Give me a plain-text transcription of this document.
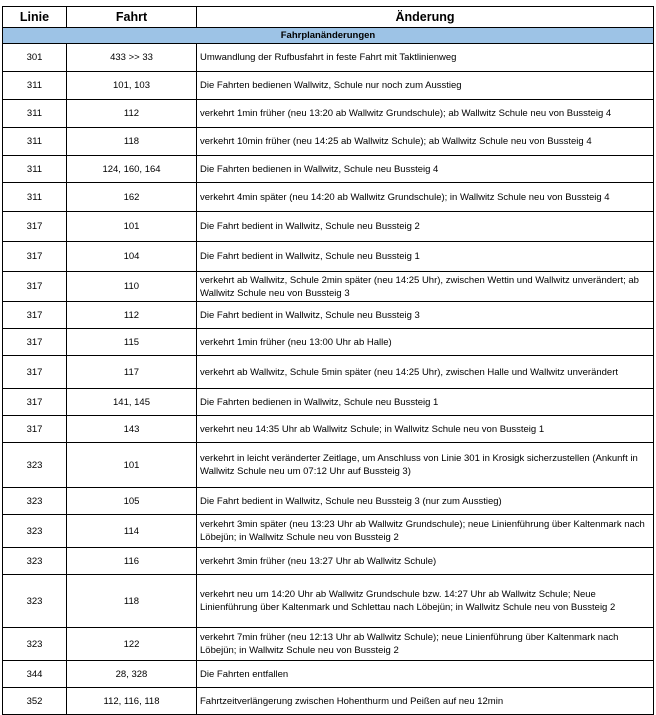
Linie	Fahrt	Änderung
Fahrplanänderungen		
301	433 >> 33	Umwandlung der Rufbusfahrt in feste Fahrt mit Taktlinienweg
311	101, 103	Die Fahrten bedienen Wallwitz, Schule nur noch zum Ausstieg
311	112	verkehrt 1min früher (neu 13:20 ab Wallwitz Grundschule); ab Wallwitz Schule neu von Bussteig 4
311	118	verkehrt 10min früher (neu 14:25 ab Wallwitz Schule); ab Wallwitz Schule neu von Bussteig 4
311	124, 160, 164	Die Fahrten bedienen in Wallwitz, Schule neu Bussteig 4
311	162	verkehrt 4min später (neu 14:20 ab Wallwitz Grundschule); in Wallwitz Schule neu von Bussteig 4
317	101	Die Fahrt bedient in Wallwitz, Schule neu Bussteig 2
317	104	Die Fahrt bedient in Wallwitz, Schule neu Bussteig 1
317	110	verkehrt ab Wallwitz, Schule 2min später (neu 14:25 Uhr), zwischen Wettin und Wallwitz unverändert; ab Wallwitz Schule neu von Bussteig 3
317	112	Die Fahrt bedient in Wallwitz, Schule neu Bussteig 3
317	115	verkehrt 1min früher (neu 13:00 Uhr ab Halle)
317	117	verkehrt ab Wallwitz, Schule 5min später (neu 14:25 Uhr), zwischen Halle und Wallwitz unverändert
317	141, 145	Die Fahrten bedienen in Wallwitz, Schule neu Bussteig 1
317	143	verkehrt neu 14:35 Uhr ab Wallwitz Schule; in Wallwitz Schule neu von Bussteig 1
323	101	verkehrt in leicht veränderter Zeitlage, um Anschluss von Linie 301 in Krosigk sicherzustellen (Ankunft in Wallwitz Schule neu um 07:12 Uhr auf Bussteig 3)
323	105	Die Fahrt bedient in Wallwitz, Schule neu Bussteig 3 (nur zum Ausstieg)
323	114	verkehrt 3min später (neu 13:23 Uhr ab Wallwitz Grundschule); neue Linienführung über Kaltenmark nach Löbejün; in Wallwitz Schule neu von Bussteig 2
323	116	verkehrt 3min früher (neu 13:27 Uhr ab Wallwitz Schule)
323	118	verkehrt neu um 14:20 Uhr ab Wallwitz Grundschule bzw. 14:27 Uhr ab Wallwitz Schule; Neue Linienführung über Kaltenmark und Schlettau nach Löbejün; in Wallwitz Schule neu von Bussteig 2
323	122	verkehrt 7min früher (neu 12:13 Uhr ab Wallwitz Schule); neue Linienführung über Kaltenmark nach Löbejün; in Wallwitz Schule neu von Bussteig 2
344	28, 328	Die Fahrten entfallen
352	112, 116, 118	Fahrtzeitverlängerung zwischen Hohenthurm und Peißen auf neu 12min
